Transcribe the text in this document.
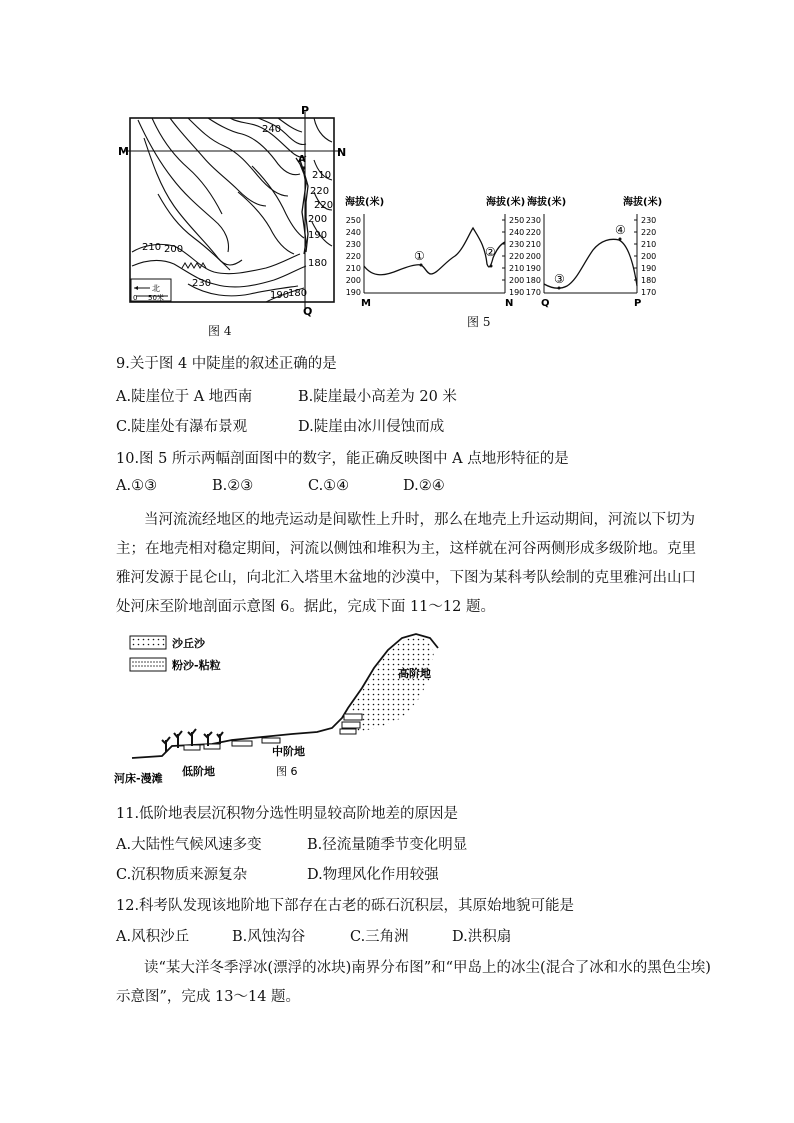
M	N
P
Q
A
240
220
210 200
190
180
220
200
210
230
190
180
北
0 50米
图 4
海拔(米)	海拔(米)
250
240
230
220
210
200
190
250
240
230
220
210
200
190
①	②
M	N
海拔(米)	海拔(米)
230
220
210
200
190
180
170
230
220
210
200
190
180
170
③
④
Q	P
图 5
9.关于图 4 中陡崖的叙述正确的是
A.陡崖位于 A 地西南	B.陡崖最小高差为 20 米
C.陡崖处有瀑布景观	D.陡崖由冰川侵蚀而成
10.图 5 所示两幅剖面图中的数字，能正确反映图中 A 点地形特征的是
A.①③	B.②③	C.①④	D.②④
当河流流经地区的地壳运动是间歇性上升时，那么在地壳上升运动期间，河流以下切为
主；在地壳相对稳定期间，河流以侧蚀和堆积为主，这样就在河谷两侧形成多级阶地。克里
雅河发源于昆仑山，向北汇入塔里木盆地的沙漠中，下图为某科考队绘制的克里雅河出山口
处河床至阶地剖面示意图 6。据此，完成下面 11～12 题。
沙丘沙
粉沙-粘粒
高阶地
中阶地
低阶地
河床-漫滩
图 6
11.低阶地表层沉积物分选性明显较高阶地差的原因是
A.大陆性气候风速多变	B.径流量随季节变化明显
C.沉积物质来源复杂	D.物理风化作用较强
12.科考队发现该地阶地下部存在古老的砾石沉积层，其原始地貌可能是
A.风积沙丘	B.风蚀沟谷	C.三角洲	D.洪积扇
读“某大洋冬季浮冰(漂浮的冰块)南界分布图”和“甲岛上的冰尘(混合了冰和水的黑色尘埃)
示意图”，完成 13～14 题。
